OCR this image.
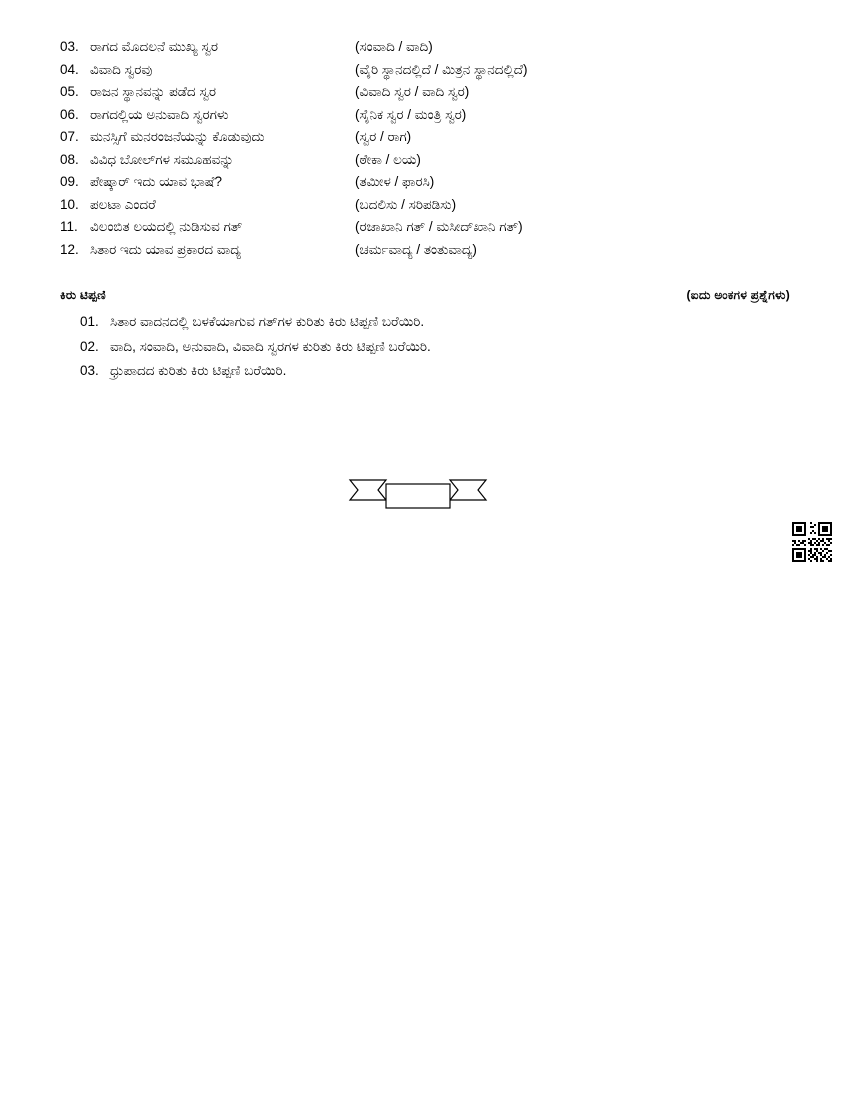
03. ರಾಗದ ಮೊದಲನೆ ಮುಖ್ಯ ಸ್ವರ	(ಸಂವಾದಿ / ವಾದಿ)
04. ವಿವಾದಿ ಸ್ವರವು	(ವೈರಿ ಸ್ಥಾನದಲ್ಲಿದೆ / ಮಿತ್ರನ ಸ್ಥಾನದಲ್ಲಿದೆ)
05. ರಾಜನ ಸ್ಥಾನವನ್ನು ಪಡೆದ ಸ್ವರ	(ವಿವಾದಿ ಸ್ವರ / ವಾದಿ ಸ್ವರ)
06. ರಾಗದಲ್ಲಿಯ ಅನುವಾದಿ ಸ್ವರಗಳು	(ಸೈನಿಕ ಸ್ವರ / ಮಂತ್ರಿ ಸ್ವರ)
07. ಮನಸ್ಸಿಗೆ ಮನರಂಜನೆಯನ್ನು ಕೊಡುವುದು	(ಸ್ವರ / ರಾಗ)
08. ವಿವಿಧ ಬೋಲ್‌ಗಳ ಸಮೂಹವನ್ನು	(ಠೇಕಾ / ಲಯ)
09. ಪೇಷ್ಕಾರ್ ಇದು ಯಾವ ಭಾಷೆ?	(ತಮೀಳ / ಫಾರಸಿ)
10. ಪಲಟಾ ಎಂದರೆ	(ಬದಲಿಸು / ಸರಿಪಡಿಸು)
11. ವಿಲಂಬಿತ ಲಯದಲ್ಲಿ ನುಡಿಸುವ ಗತ್	(ರಜಾಖಾನಿ ಗತ್ / ಮಸೀದ್‌ಖಾನಿ ಗತ್)
12. ಸಿತಾರ ಇದು ಯಾವ ಪ್ರಕಾರದ ವಾದ್ಯ	(ಚರ್ಮವಾದ್ಯ / ತಂತುವಾದ್ಯ)
ಕಿರು ಟಿಪ್ಪಣಿ	(ಐದು ಅಂಕಗಳ ಪ್ರಶ್ನೆಗಳು)
01. ಸಿತಾರ ವಾದನದಲ್ಲಿ ಬಳಕೆಯಾಗುವ ಗತ್‌ಗಳ ಕುರಿತು ಕಿರು ಟಿಪ್ಪಣಿ ಬರೆಯಿರಿ.
02. ವಾದಿ, ಸಂವಾದಿ, ಅನುವಾದಿ, ವಿವಾದಿ ಸ್ವರಗಳ ಕುರಿತು ಕಿರು ಟಿಪ್ಪಣಿ ಬರೆಯಿರಿ.
03. ಧ್ರುಪಾದದ ಕುರಿತು ಕಿರು ಟಿಪ್ಪಣಿ ಬರೆಯಿರಿ.
